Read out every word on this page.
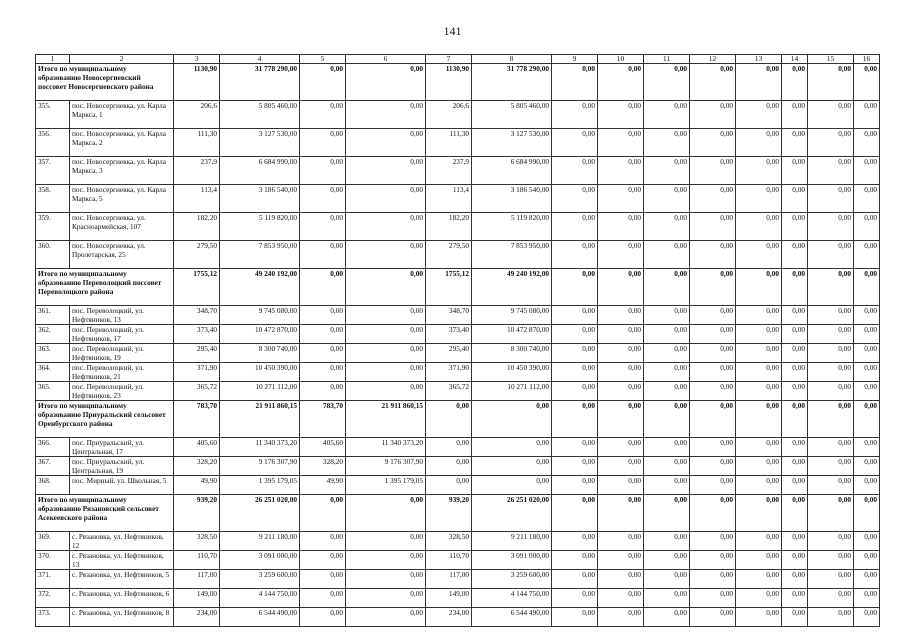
141
1	2	3	4	5	6	7	8	9	10	11	12	13	14	15	16
Итого по муниципальному образованию Новосергиевский поссовет Новосергиевского района		1130,90	31 778 290,00	0,00	0,00	1130,90	31 778 290,00	0,00	0,00	0,00	0,00	0,00	0,00	0,00	0,00
355.	пос. Новосергиевка, ул. Карла Маркса, 1	206,6	5 805 460,00	0,00	0,00	206,6	5 805 460,00	0,00	0,00	0,00	0,00	0,00	0,00	0,00	0,00
356.	пос. Новосергиевка, ул. Карла Маркса, 2	111,30	3 127 530,00	0,00	0,00	111,30	3 127 530,00	0,00	0,00	0,00	0,00	0,00	0,00	0,00	0,00
357.	пос. Новосергиевка, ул. Карла Маркса, 3	237,9	6 684 990,00	0,00	0,00	237,9	6 684 990,00	0,00	0,00	0,00	0,00	0,00	0,00	0,00	0,00
358.	пос. Новосергиевка, ул. Карла Маркса, 5	113,4	3 186 540,00	0,00	0,00	113,4	3 186 540,00	0,00	0,00	0,00	0,00	0,00	0,00	0,00	0,00
359.	пос. Новосергиевка, ул. Красноармейская, 107	182,20	5 119 820,00	0,00	0,00	182,20	5 119 820,00	0,00	0,00	0,00	0,00	0,00	0,00	0,00	0,00
360.	пос. Новосергиевка, ул. Пролетарская, 25	279,50	7 853 950,00	0,00	0,00	279,50	7 853 950,00	0,00	0,00	0,00	0,00	0,00	0,00	0,00	0,00
Итого по муниципальному образованию Переволоцкий поссовет Переволоцкого района		1755,12	49 240 192,00	0,00	0,00	1755,12	49 240 192,00	0,00	0,00	0,00	0,00	0,00	0,00	0,00	0,00
361.	пос. Переволоцкий, ул. Нефтяников, 13	348,70	9 745 080,00	0,00	0,00	348,70	9 745 080,00	0,00	0,00	0,00	0,00	0,00	0,00	0,00	0,00
362.	пос. Переволоцкий, ул. Нефтяников, 17	373,40	10 472 870,00	0,00	0,00	373,40	10 472 870,00	0,00	0,00	0,00	0,00	0,00	0,00	0,00	0,00
363.	пос. Переволоцкий, ул. Нефтяников, 19	295,40	8 300 740,00	0,00	0,00	295,40	8 300 740,00	0,00	0,00	0,00	0,00	0,00	0,00	0,00	0,00
364.	пос. Переволоцкий, ул. Нефтяников, 21	371,90	10 450 390,00	0,00	0,00	371,90	10 450 390,00	0,00	0,00	0,00	0,00	0,00	0,00	0,00	0,00
365.	пос. Переволоцкий, ул. Нефтяников, 23	365,72	10 271 112,00	0,00	0,00	365,72	10 271 112,00	0,00	0,00	0,00	0,00	0,00	0,00	0,00	0,00
Итого по муниципальному образованию Приуральский сельсовет Оренбургского района		783,70	21 911 860,15	783,70	21 911 860,15	0,00	0,00	0,00	0,00	0,00	0,00	0,00	0,00	0,00	0,00
366.	пос. Приуральский, ул. Центральная, 17	405,60	11 340 373,20	405,60	11 340 373,20	0,00	0,00	0,00	0,00	0,00	0,00	0,00	0,00	0,00	0,00
367.	пос. Приуральский, ул. Центральная, 19	328,20	9 176 307,90	328,20	9 176 307,90	0,00	0,00	0,00	0,00	0,00	0,00	0,00	0,00	0,00	0,00
368.	пос. Мирный, ул. Школьная, 5	49,90	1 395 179,05	49,90	1 395 179,05	0,00	0,00	0,00	0,00	0,00	0,00	0,00	0,00	0,00	0,00
Итого по муниципальному образованию Рязановский сельсовет Асекеевского района		939,20	26 251 020,00	0,00	0,00	939,20	26 251 020,00	0,00	0,00	0,00	0,00	0,00	0,00	0,00	0,00
369.	с. Рязановка, ул. Нефтяников, 12	328,50	9 211 180,00	0,00	0,00	328,50	9 211 180,00	0,00	0,00	0,00	0,00	0,00	0,00	0,00	0,00
370.	с. Рязановка, ул. Нефтяников, 13	110,70	3 091 000,00	0,00	0,00	110,70	3 091 000,00	0,00	0,00	0,00	0,00	0,00	0,00	0,00	0,00
371.	с. Рязановка, ул. Нефтяников, 5	117,00	3 259 600,00	0,00	0,00	117,00	3 259 600,00	0,00	0,00	0,00	0,00	0,00	0,00	0,00	0,00
372.	с. Рязановка, ул. Нефтяников, 6	149,00	4 144 750,00	0,00	0,00	149,00	4 144 750,00	0,00	0,00	0,00	0,00	0,00	0,00	0,00	0,00
373.	с. Рязановка, ул. Нефтяников, 8	234,00	6 544 490,00	0,00	0,00	234,00	6 544 490,00	0,00	0,00	0,00	0,00	0,00	0,00	0,00	0,00
